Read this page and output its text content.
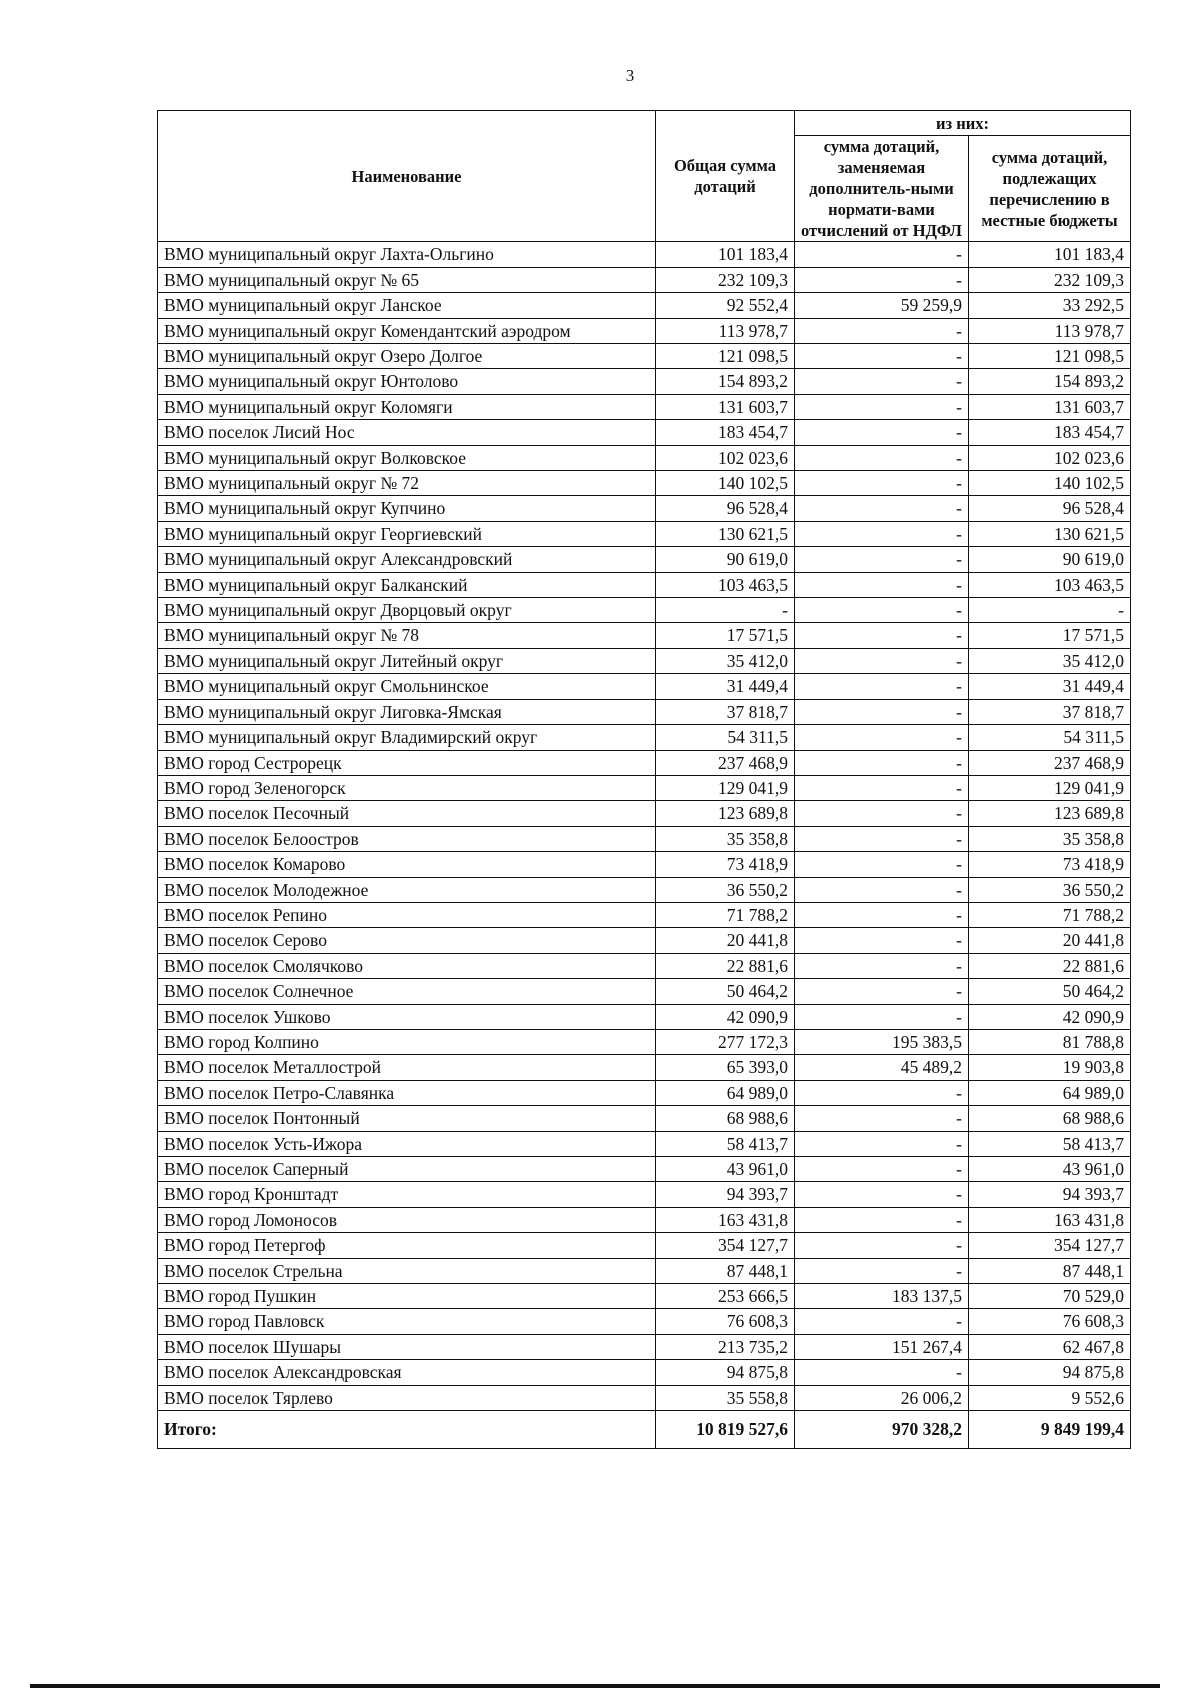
3
Наименование	Общая сумма дотаций	из них:	
		сумма дотаций, заменяемая дополнитель-ными нормати-вами отчислений от НДФЛ	сумма дотаций, подлежащих перечислению в местные бюджеты
ВМО муниципальный округ Лахта-Ольгино	101 183,4	-	101 183,4
ВМО муниципальный округ № 65	232 109,3	-	232 109,3
ВМО муниципальный округ Ланское	92 552,4	59 259,9	33 292,5
ВМО муниципальный округ Комендантский аэродром	113 978,7	-	113 978,7
ВМО муниципальный округ Озеро Долгое	121 098,5	-	121 098,5
ВМО муниципальный округ Юнтолово	154 893,2	-	154 893,2
ВМО муниципальный округ Коломяги	131 603,7	-	131 603,7
ВМО поселок Лисий Нос	183 454,7	-	183 454,7
ВМО муниципальный округ Волковское	102 023,6	-	102 023,6
ВМО муниципальный округ № 72	140 102,5	-	140 102,5
ВМО муниципальный округ Купчино	96 528,4	-	96 528,4
ВМО муниципальный округ Георгиевский	130 621,5	-	130 621,5
ВМО муниципальный округ Александровский	90 619,0	-	90 619,0
ВМО муниципальный округ Балканский	103 463,5	-	103 463,5
ВМО муниципальный округ Дворцовый округ	-	-	-
ВМО муниципальный округ № 78	17 571,5	-	17 571,5
ВМО муниципальный округ Литейный округ	35 412,0	-	35 412,0
ВМО муниципальный округ Смольнинское	31 449,4	-	31 449,4
ВМО муниципальный округ Лиговка-Ямская	37 818,7	-	37 818,7
ВМО муниципальный округ Владимирский округ	54 311,5	-	54 311,5
ВМО город Сестрорецк	237 468,9	-	237 468,9
ВМО город Зеленогорск	129 041,9	-	129 041,9
ВМО поселок Песочный	123 689,8	-	123 689,8
ВМО поселок Белоостров	35 358,8	-	35 358,8
ВМО поселок Комарово	73 418,9	-	73 418,9
ВМО поселок Молодежное	36 550,2	-	36 550,2
ВМО поселок Репино	71 788,2	-	71 788,2
ВМО поселок Серово	20 441,8	-	20 441,8
ВМО поселок Смолячково	22 881,6	-	22 881,6
ВМО поселок Солнечное	50 464,2	-	50 464,2
ВМО поселок Ушково	42 090,9	-	42 090,9
ВМО город Колпино	277 172,3	195 383,5	81 788,8
ВМО поселок Металлострой	65 393,0	45 489,2	19 903,8
ВМО поселок Петро-Славянка	64 989,0	-	64 989,0
ВМО поселок Понтонный	68 988,6	-	68 988,6
ВМО поселок Усть-Ижора	58 413,7	-	58 413,7
ВМО поселок Саперный	43 961,0	-	43 961,0
ВМО город Кронштадт	94 393,7	-	94 393,7
ВМО город Ломоносов	163 431,8	-	163 431,8
ВМО город Петергоф	354 127,7	-	354 127,7
ВМО поселок Стрельна	87 448,1	-	87 448,1
ВМО город Пушкин	253 666,5	183 137,5	70 529,0
ВМО город Павловск	76 608,3	-	76 608,3
ВМО поселок Шушары	213 735,2	151 267,4	62 467,8
ВМО поселок Александровская	94 875,8	-	94 875,8
ВМО поселок Тярлево	35 558,8	26 006,2	9 552,6
Итого:	10 819 527,6	970 328,2	9 849 199,4
